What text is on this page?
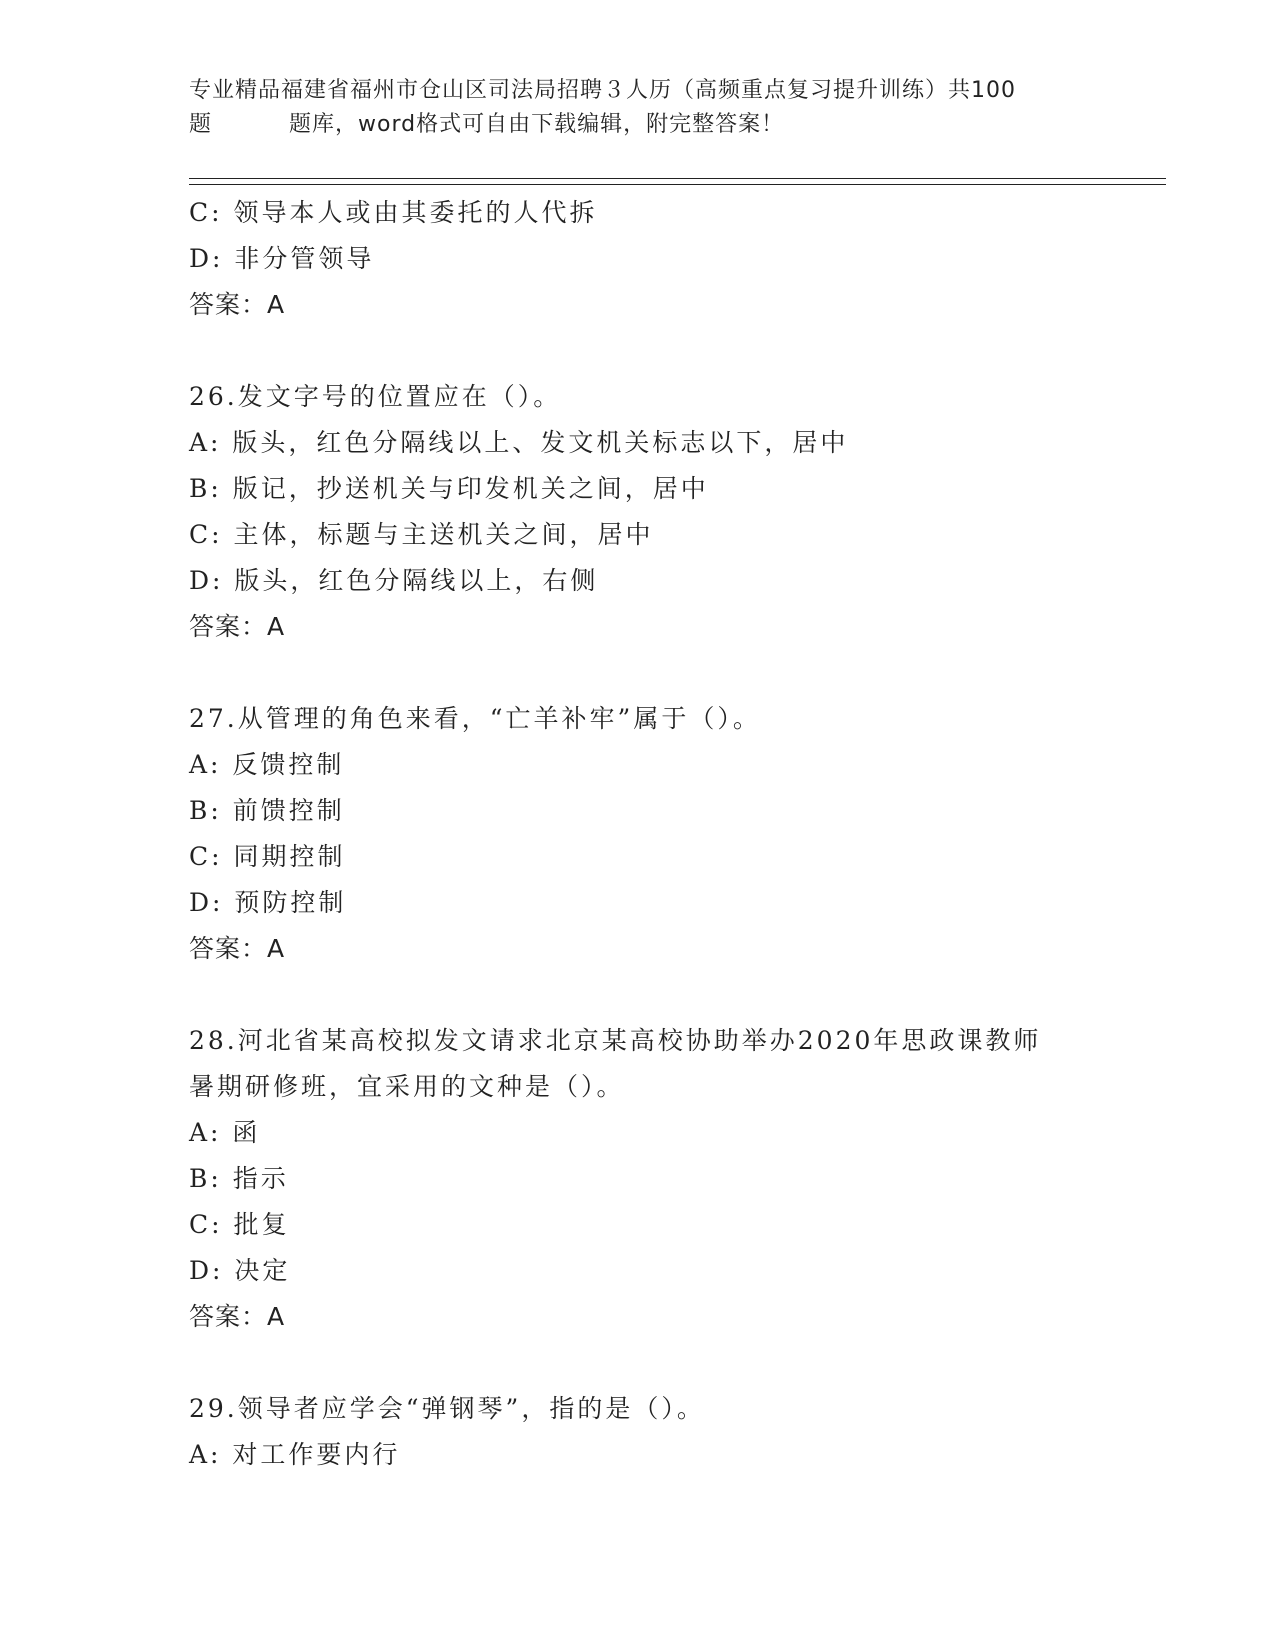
专业精品福建省福州市仓山区司法局招聘３人历（高频重点复习提升训练）共100
题	题库，word格式可自由下载编辑，附完整答案！
C: 领导本人或由其委托的人代拆
D: 非分管领导
答案：A
26.发文字号的位置应在（）。
A: 版头，红色分隔线以上、发文机关标志以下，居中
B: 版记，抄送机关与印发机关之间，居中
C: 主体，标题与主送机关之间，居中
D: 版头，红色分隔线以上，右侧
答案：A
27.从管理的角色来看，“亡羊补牢”属于（）。
A: 反馈控制
B: 前馈控制
C: 同期控制
D: 预防控制
答案：A
28.河北省某高校拟发文请求北京某高校协助举办2020年思政课教师
暑期研修班，宜采用的文种是（）。
A: 函
B: 指示
C: 批复
D: 决定
答案：A
29.领导者应学会“弹钢琴”，指的是（）。
A: 对工作要内行
